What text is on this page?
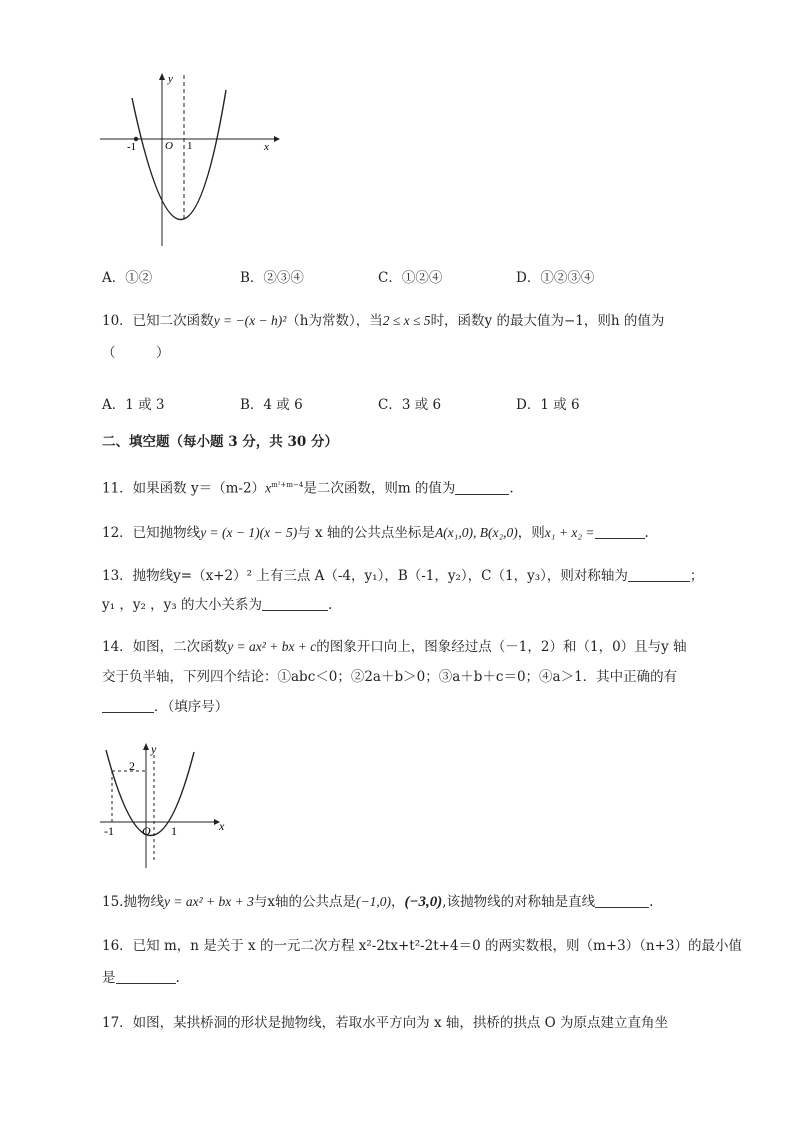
y
x
O
-1	1
A．①②	B．②③④	C．①②④	D．①②③④
10．已知二次函数y = −(x − h)²（h为常数），当2 ≤ x ≤ 5时，函数y 的最大值为−1，则h 的值为
（　　　）
A．1 或 3	B．4 或 6	C．3 或 6	D．1 或 6
二、填空题（每小题 3 分，共 30 分）
11．如果函数 $y=(m-2)x^{m^2+m-4}$是二次函数，则m 的值为	.
12．已知抛物线y = (x − 1)(x − 5)与 x 轴的公共点坐标是A(x₁,0), B(x₂,0)，则x₁ + x₂ =	.
13．抛物线y=（x+2）² 上有三点 A（-4，y₁），B（-1，y₂），C（1，y₃），则对称轴为	；
y₁ ，y₂ ，y₃ 的大小关系为	.
14．如图，二次函数y = ax² + bx + c的图象开口向上，图象经过点（－1，2）和（1，0）且与y 轴
交于负半轴，下列四个结论：①abc＜0；②2a＋b＞0；③a＋b＋c＝0；④a＞1．其中正确的有
．（填序号）
y
x
2
O
-1	1
15.抛物线y = ax² + bx + 3与x轴的公共点是(−1,0)，(−3,0),该抛物线的对称轴是直线	.
16．已知 m，n 是关于 x 的一元二次方程 x²-2tx+t²-2t+4＝0 的两实数根，则（m+3）（n+3）的最小值
是	.
17．如图，某拱桥洞的形状是抛物线，若取水平方向为 x 轴，拱桥的拱点 O 为原点建立直角坐
